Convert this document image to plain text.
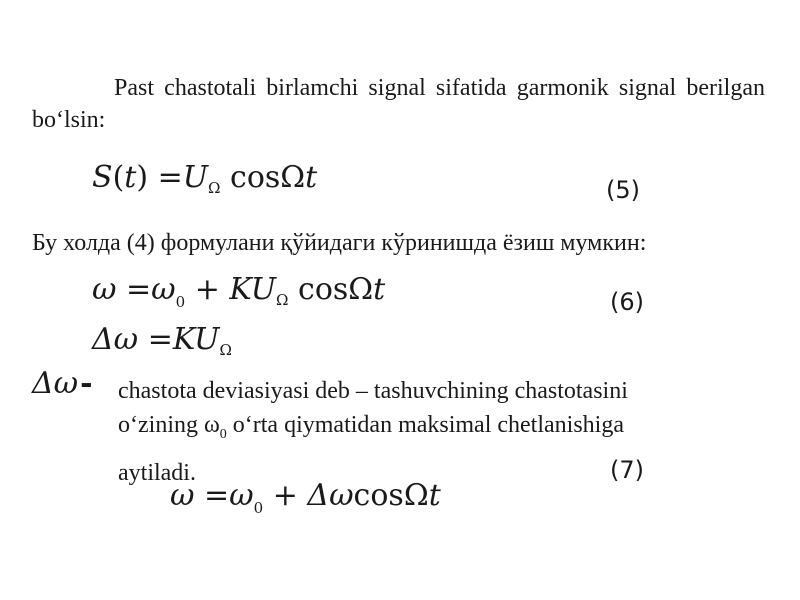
Past chastotali birlamchi signal sifatida garmonik signal berilgan bo‘lsin:
$S(t) =U_\Omega$ cosΩt	(5)
Бу холда (4) формулани қўйидаги кўринишда ёзиш мумкин:
$\omega =\omega_0 + KU_\Omega$ cosΩt	(6)
$\Delta\omega =KU_\Omega$
Δω- chastota deviasiyasi deb – tashuvchining chastotasini
o‘zining $\omega_0$ o‘rta qiymatidan maksimal chetlanishiga
aytiladi.	(7)
$\omega =\omega_0 + \Delta\omega\cos\Omega t$
